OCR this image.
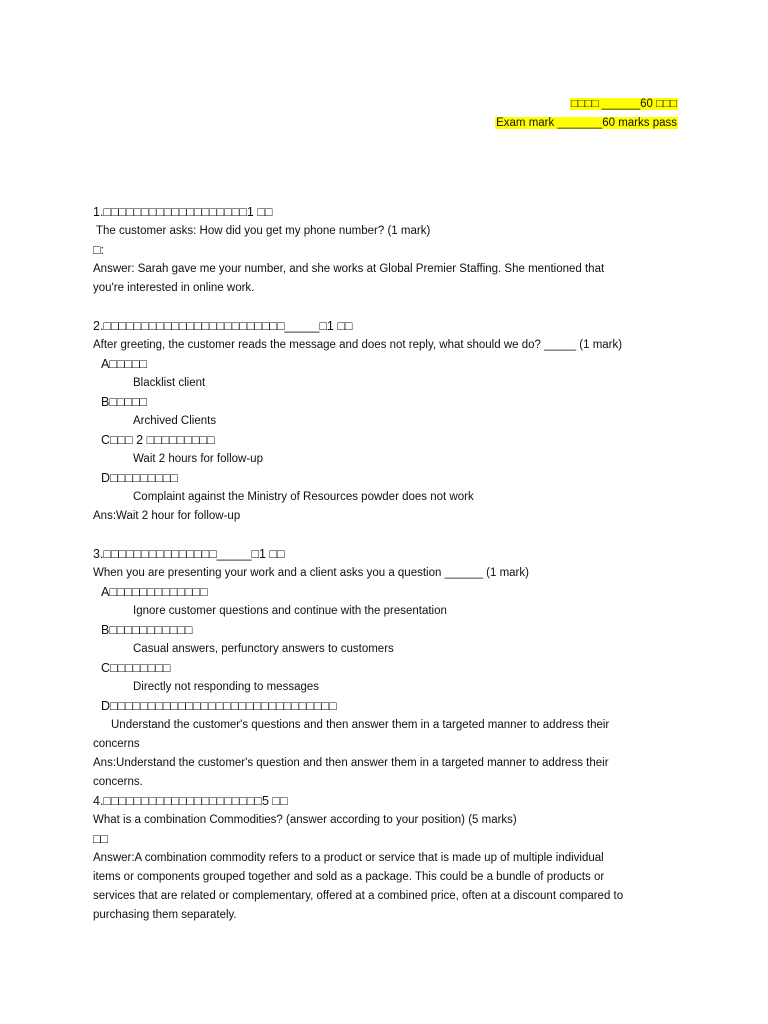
□□□□ ______60 □□□
Exam mark _______60 marks pass
1.□□□□□□□□□□□□□□□□□□□1 □□
The customer asks: How did you get my phone number? (1 mark)
□:
Answer: Sarah gave me your number, and she works at Global Premier Staffing. She mentioned that
you're interested in online work.
2.□□□□□□□□□□□□□□□□□□□□□□□□_____□1 □□
After greeting, the customer reads the message and does not reply, what should we do? _____ (1 mark)
A□□□□□
Blacklist client
B□□□□□
Archived Clients
C□□□ 2 □□□□□□□□□
Wait 2 hours for follow-up
D□□□□□□□□□
Complaint against the Ministry of Resources powder does not work
Ans:Wait 2 hour for follow-up
3.□□□□□□□□□□□□□□□_____□1 □□
When you are presenting your work and a client asks you a question ______ (1 mark)
A□□□□□□□□□□□□□
Ignore customer questions and continue with the presentation
B□□□□□□□□□□□
Casual answers, perfunctory answers to customers
C□□□□□□□□
Directly not responding to messages
D□□□□□□□□□□□□□□□□□□□□□□□□□□□□□□
Understand the customer's questions and then answer them in a targeted manner to address their
concerns
Ans:Understand the customer's question and then answer them in a targeted manner to address their
concerns.
4.□□□□□□□□□□□□□□□□□□□□□5 □□
What is a combination Commodities? (answer according to your position) (5 marks)
□□
Answer:A combination commodity refers to a product or service that is made up of multiple individual
items or components grouped together and sold as a package. This could be a bundle of products or
services that are related or complementary, offered at a combined price, often at a discount compared to
purchasing them separately.
